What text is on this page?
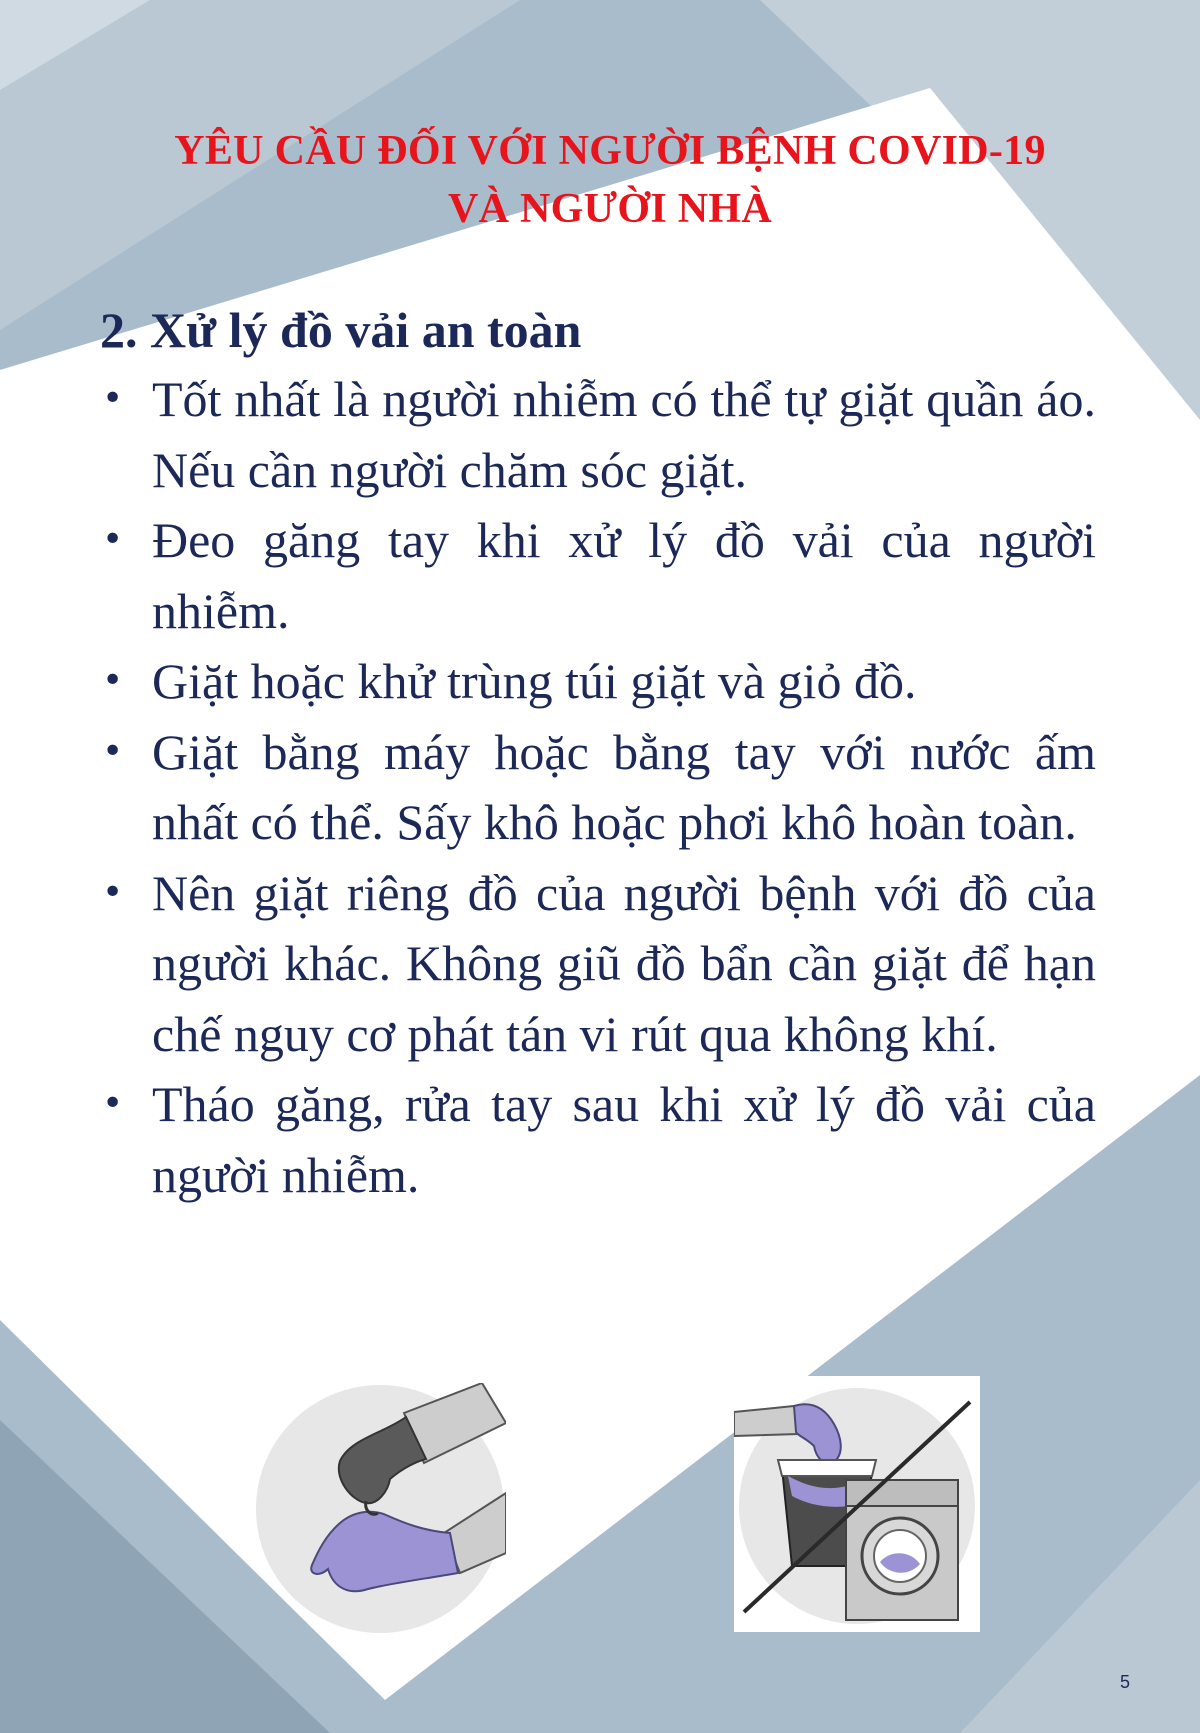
YÊU CẦU ĐỐI VỚI NGƯỜI BỆNH COVID-19
VÀ NGƯỜI NHÀ
2. Xử lý đồ vải an toàn
• Tốt nhất là người nhiễm có thể tự giặt quần áo. Nếu cần người chăm sóc giặt.
• Đeo găng tay khi xử lý đồ vải của người nhiễm.
• Giặt hoặc khử trùng túi giặt và giỏ đồ.
• Giặt bằng máy hoặc bằng tay với nước ấm nhất có thể. Sấy khô hoặc phơi khô hoàn toàn.
• Nên giặt riêng đồ của người bệnh với đồ của người khác. Không giũ đồ bẩn cần giặt để hạn chế nguy cơ phát tán vi rút qua không khí.
• Tháo găng, rửa tay sau khi xử lý đồ vải của người nhiễm.
5
